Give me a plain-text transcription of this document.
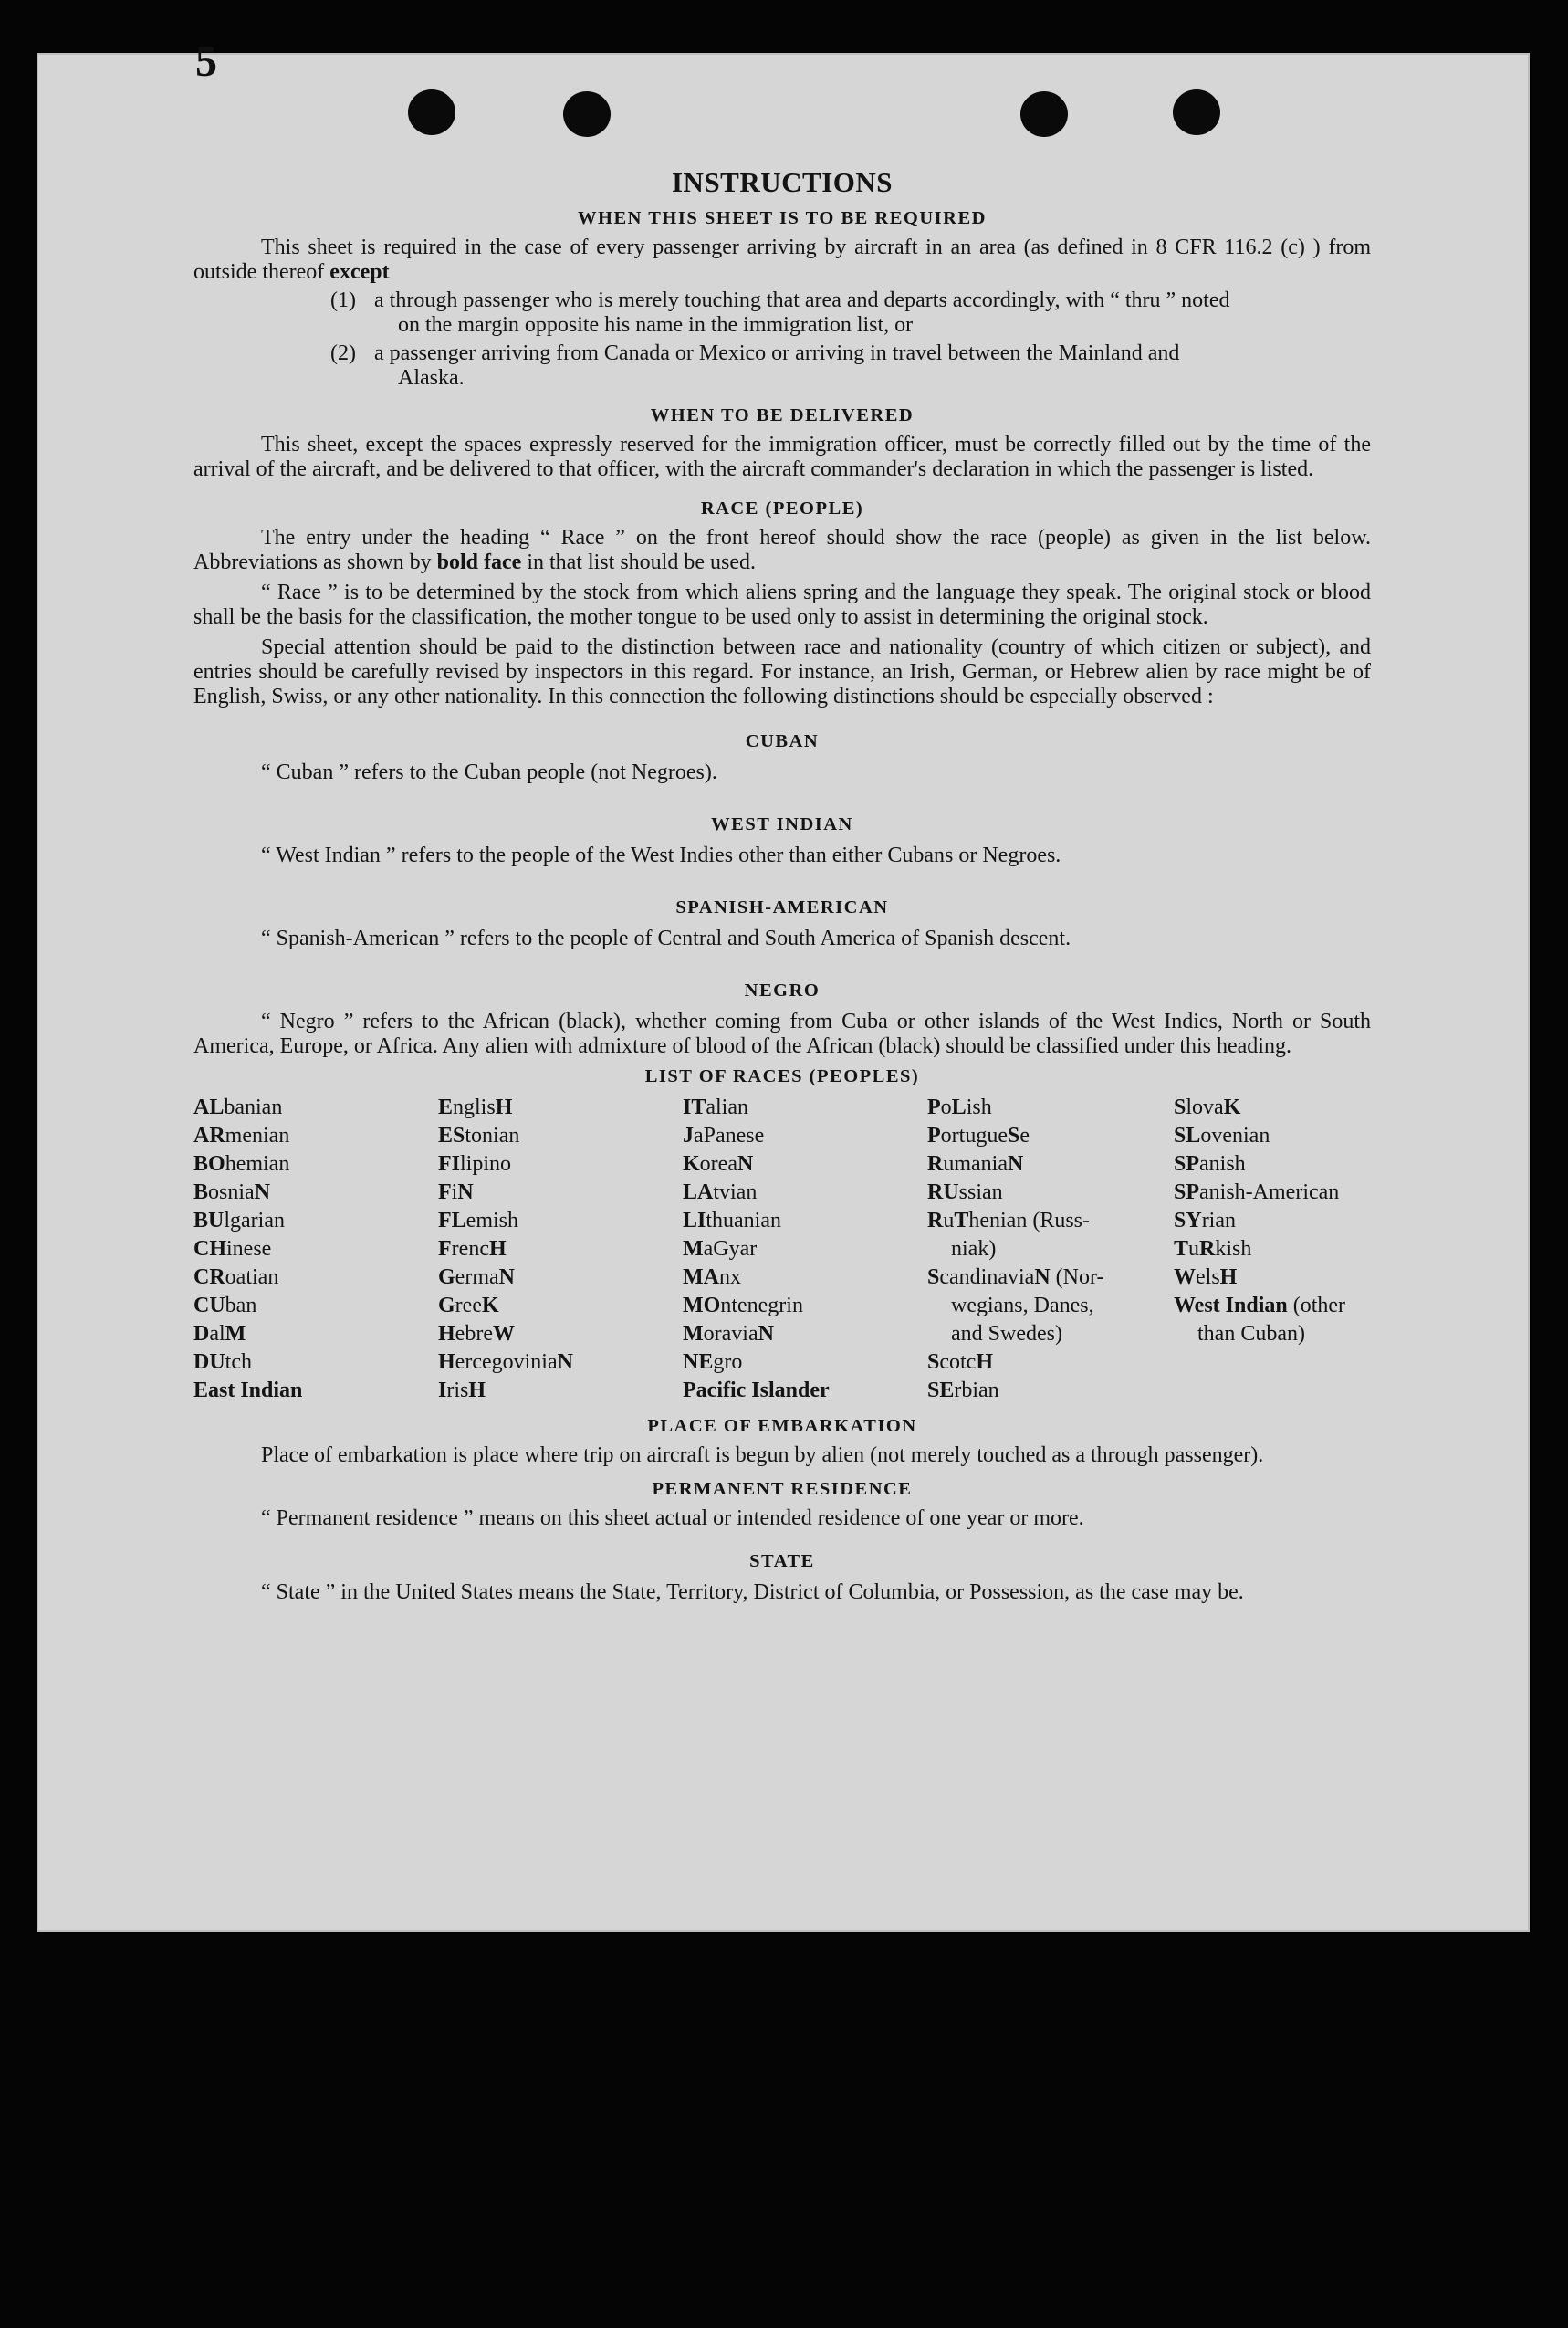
5
INSTRUCTIONS
WHEN THIS SHEET IS TO BE REQUIRED

This sheet is required in the case of every passenger arriving by aircraft in an area (as defined in 8 CFR 116.2 (c) ) from outside thereof except

(1) a through passenger who is merely touching that area and departs accordingly, with “ thru ” noted
on the margin opposite his name in the immigration list, or
(2) a passenger arriving from Canada or Mexico or arriving in travel between the Mainland and
Alaska.
WHEN TO BE DELIVERED

This sheet, except the spaces expressly reserved for the immigration officer, must be correctly filled out by the time of the arrival of the aircraft, and be delivered to that officer, with the aircraft commander's declaration in which the passenger is listed.

RACE (PEOPLE)

The entry under the heading “ Race ” on the front hereof should show the race (people) as given in the list below. Abbreviations as shown by bold face in that list should be used.

“ Race ” is to be determined by the stock from which aliens spring and the language they speak. The original stock or blood shall be the basis for the classification, the mother tongue to be used only to assist in determining the original stock.

Special attention should be paid to the distinction between race and nationality (country of which citizen or subject), and entries should be carefully revised by inspectors in this regard. For instance, an Irish, German, or Hebrew alien by race might be of English, Swiss, or any other nationality. In this connection the following distinctions should be especially observed :

CUBAN

“ Cuban ” refers to the Cuban people (not Negroes).

WEST INDIAN

“ West Indian ” refers to the people of the West Indies other than either Cubans or Negroes.

SPANISH-AMERICAN

“ Spanish-American ” refers to the people of Central and South America of Spanish descent.

NEGRO

“ Negro ” refers to the African (black), whether coming from Cuba or other islands of the West Indies, North or South America, Europe, or Africa. Any alien with admixture of blood of the African (black) should be classified under this heading.

LIST OF RACES (PEOPLES)
ALbanian
ARmenian
BOhemian
BosniaN
BUlgarian
CHinese
CRoatian
CUban
DalM
DUtch
East Indian
EnglisH
EStonian
FIlipino
FiN
FLemish
FrencH
GermaN
GreeK
HebreW
HercegoviniaN
IrisH
ITalian
JaPanese
KoreaN
LAtvian
LIthuanian
MaGyar
MAnx
MOntenegrin
MoraviaN
NEgro
Pacific Islander
PoLish
PortugueSe
RumaniaN
RUssian
RuThenian (Russ-
niak)
ScandinaviaN (Nor-
wegians, Danes,
and Swedes)
ScotcH
SErbian
SlovaK
SLovenian
SPanish
SPanish-American
SYrian
TuRkish
WelsH
West Indian (other
than Cuban)
PLACE OF EMBARKATION

Place of embarkation is place where trip on aircraft is begun by alien (not merely touched as a through passenger).

PERMANENT RESIDENCE

“ Permanent residence ” means on this sheet actual or intended residence of one year or more.

STATE

“ State ” in the United States means the State, Territory, District of Columbia, or Possession, as the case may be.
